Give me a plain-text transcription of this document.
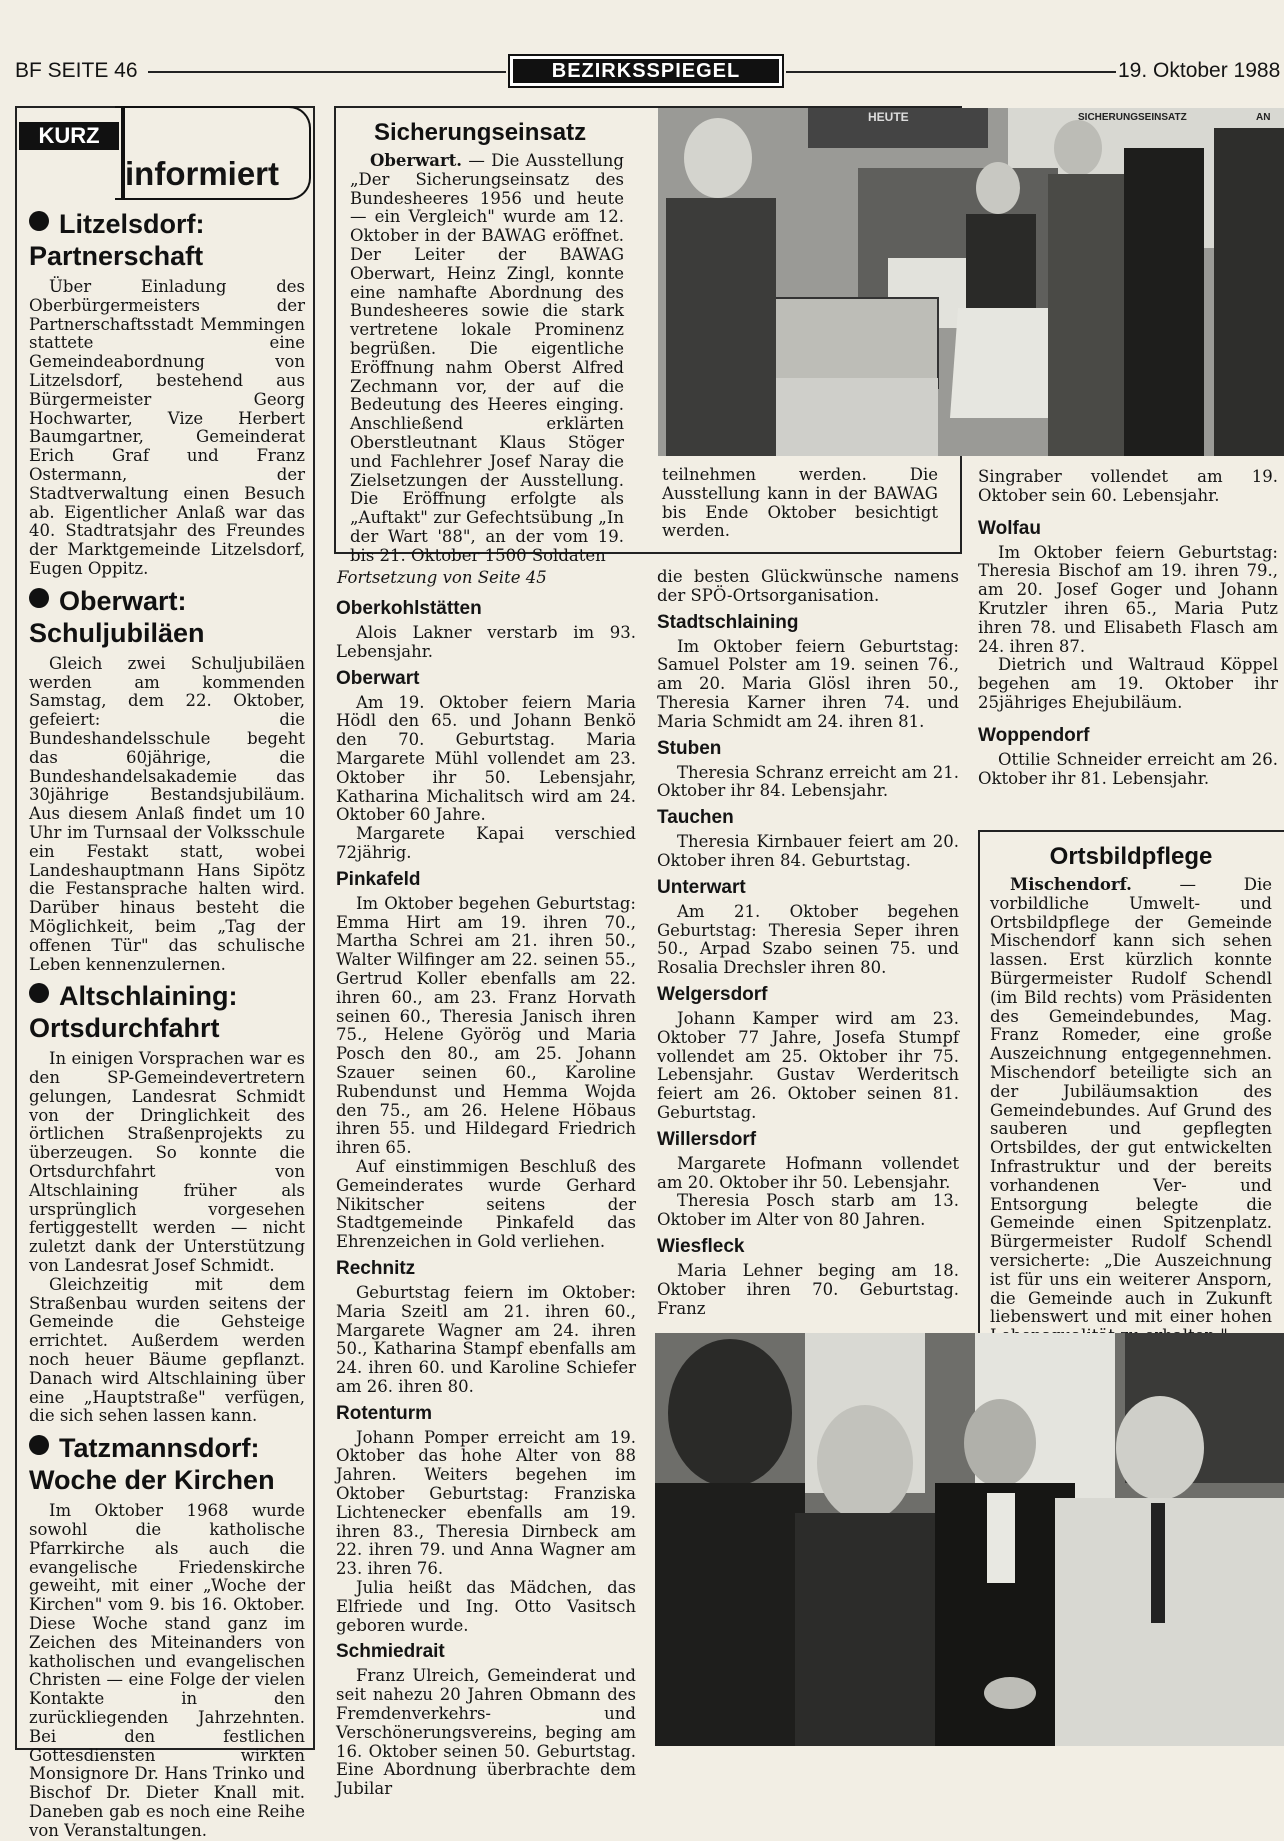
BF SEITE 46	BEZIRKSSPIEGEL	19. Oktober 1988
KURZ
informiert
Litzelsdorf:
Partnerschaft

Über Einladung des Oberbürgermeisters der Partnerschaftsstadt Memmingen stattete eine Gemeindeabordnung von Litzelsdorf, bestehend aus Bürgermeister Georg Hochwarter, Vize Herbert Baumgartner, Gemeinderat Erich Graf und Franz Ostermann, der Stadtverwaltung einen Besuch ab. Eigentlicher Anlaß war das 40. Stadtratsjahr des Freundes der Marktgemeinde Litzelsdorf, Eugen Oppitz.

Oberwart:
Schuljubiläen

Gleich zwei Schuljubiläen werden am kommenden Samstag, dem 22. Oktober, gefeiert: die Bundeshandelsschule begeht das 60jährige, die Bundeshandelsakademie das 30jährige Bestandsjubiläum. Aus diesem Anlaß findet um 10 Uhr im Turnsaal der Volksschule ein Festakt statt, wobei Landeshauptmann Hans Sipötz die Festansprache halten wird. Darüber hinaus besteht die Möglichkeit, beim „Tag der offenen Tür" das schulische Leben kennenzulernen.

Altschlaining:
Ortsdurchfahrt

In einigen Vorsprachen war es den SP-Gemeindevertretern gelungen, Landesrat Schmidt von der Dringlichkeit des örtlichen Straßenprojekts zu überzeugen. So konnte die Ortsdurchfahrt von Altschlaining früher als ursprünglich vorgesehen fertiggestellt werden — nicht zuletzt dank der Unterstützung von Landesrat Josef Schmidt.

Gleichzeitig mit dem Straßenbau wurden seitens der Gemeinde die Gehsteige errichtet. Außerdem werden noch heuer Bäume gepflanzt. Danach wird Altschlaining über eine „Hauptstraße" verfügen, die sich sehen lassen kann.

Tatzmannsdorf:
Woche der Kirchen

Im Oktober 1968 wurde sowohl die katholische Pfarrkirche als auch die evangelische Friedenskirche geweiht, mit einer „Woche der Kirchen" vom 9. bis 16. Oktober. Diese Woche stand ganz im Zeichen des Miteinanders von katholischen und evangelischen Christen — eine Folge der vielen Kontakte in den zurückliegenden Jahrzehnten. Bei den festlichen Gottesdiensten wirkten Monsignore Dr. Hans Trinko und Bischof Dr. Dieter Knall mit. Daneben gab es noch eine Reihe von Veranstaltungen.

Sicherungseinsatz

Oberwart. — Die Ausstellung „Der Sicherungseinsatz des Bundesheeres 1956 und heute — ein Vergleich" wurde am 12. Oktober in der BAWAG eröffnet. Der Leiter der BAWAG Oberwart, Heinz Zingl, konnte eine namhafte Abordnung des Bundesheeres sowie die stark vertretene lokale Prominenz begrüßen. Die eigentliche Eröffnung nahm Oberst Alfred Zechmann vor, der auf die Bedeutung des Heeres einging. Anschließend erklärten Oberstleutnant Klaus Stöger und Fachlehrer Josef Naray die Zielsetzungen der Ausstellung. Die Eröffnung erfolgte als „Auftakt" zur Gefechtsübung „In der Wart '88", an der vom 19. bis 21. Oktober 1500 Soldaten

HEUTE	SICHERUNGSEINSATZ	AN

teilnehmen werden. Die Ausstellung kann in der BAWAG bis Ende Oktober besichtigt werden.

Fortsetzung von Seite 45
Oberkohlstätten

Alois Lakner verstarb im 93. Lebensjahr.

Oberwart

Am 19. Oktober feiern Maria Hödl den 65. und Johann Benkö den 70. Geburtstag. Maria Margarete Mühl vollendet am 23. Oktober ihr 50. Lebensjahr, Katharina Michalitsch wird am 24. Oktober 60 Jahre.

Margarete Kapai verschied 72jährig.

Pinkafeld

Im Oktober begehen Geburtstag: Emma Hirt am 19. ihren 70., Martha Schrei am 21. ihren 50., Walter Wilfinger am 22. seinen 55., Gertrud Koller ebenfalls am 22. ihren 60., am 23. Franz Horvath seinen 60., Theresia Janisch ihren 75., Helene Györög und Maria Posch den 80., am 25. Johann Szauer seinen 60., Karoline Rubendunst und Hemma Wojda den 75., am 26. Helene Höbaus ihren 55. und Hildegard Friedrich ihren 65.

Auf einstimmigen Beschluß des Gemeinderates wurde Gerhard Nikitscher seitens der Stadtgemeinde Pinkafeld das Ehrenzeichen in Gold verliehen.

Rechnitz

Geburtstag feiern im Oktober: Maria Szeitl am 21. ihren 60., Margarete Wagner am 24. ihren 50., Katharina Stampf ebenfalls am 24. ihren 60. und Karoline Schiefer am 26. ihren 80.

Rotenturm

Johann Pomper erreicht am 19. Oktober das hohe Alter von 88 Jahren. Weiters begehen im Oktober Geburtstag: Franziska Lichtenecker ebenfalls am 19. ihren 83., Theresia Dirnbeck am 22. ihren 79. und Anna Wagner am 23. ihren 76.

Julia heißt das Mädchen, das Elfriede und Ing. Otto Vasitsch geboren wurde.

Schmiedrait

Franz Ulreich, Gemeinderat und seit nahezu 20 Jahren Obmann des Fremdenverkehrs- und Verschönerungsvereins, beging am 16. Oktober seinen 50. Geburtstag. Eine Abordnung überbrachte dem Jubilar

die besten Glückwünsche namens der SPÖ-Ortsorganisation.

Stadtschlaining

Im Oktober feiern Geburtstag: Samuel Polster am 19. seinen 76., am 20. Maria Glösl ihren 50., Theresia Karner ihren 74. und Maria Schmidt am 24. ihren 81.

Stuben

Theresia Schranz erreicht am 21. Oktober ihr 84. Lebensjahr.

Tauchen

Theresia Kirnbauer feiert am 20. Oktober ihren 84. Geburtstag.

Unterwart

Am 21. Oktober begehen Geburtstag: Theresia Seper ihren 50., Arpad Szabo seinen 75. und Rosalia Drechsler ihren 80.

Welgersdorf

Johann Kamper wird am 23. Oktober 77 Jahre, Josefa Stumpf vollendet am 25. Oktober ihr 75. Lebensjahr. Gustav Werderitsch feiert am 26. Oktober seinen 81. Geburtstag.

Willersdorf

Margarete Hofmann vollendet am 20. Oktober ihr 50. Lebensjahr.

Theresia Posch starb am 13. Oktober im Alter von 80 Jahren.

Wiesfleck

Maria Lehner beging am 18. Oktober ihren 70. Geburtstag. Franz

Singraber vollendet am 19. Oktober sein 60. Lebensjahr.

Wolfau

Im Oktober feiern Geburtstag: Theresia Bischof am 19. ihren 79., am 20. Josef Goger und Johann Krutzler ihren 65., Maria Putz ihren 78. und Elisabeth Flasch am 24. ihren 87.

Dietrich und Waltraud Köppel begehen am 19. Oktober ihr 25jähriges Ehejubiläum.

Woppendorf

Ottilie Schneider erreicht am 26. Oktober ihr 81. Lebensjahr.

Ortsbildpflege

Mischendorf.	— Die vorbildliche Umwelt- und Ortsbildpflege der Gemeinde Mischendorf kann sich sehen lassen. Erst kürzlich konnte Bürgermeister Rudolf Schendl (im Bild rechts) vom Präsidenten des Gemeindebundes, Mag. Franz Romeder, eine große Auszeichnung entgegennehmen. Mischendorf beteiligte sich an der Jubiläumsaktion des Gemeindebundes. Auf Grund des sauberen und gepflegten Ortsbildes, der gut entwickelten Infrastruktur und der bereits vorhandenen Ver- und Entsorgung belegte die Gemeinde einen Spitzenplatz. Bürgermeister Rudolf Schendl versicherte: „Die Auszeichnung ist für uns ein weiterer Ansporn, die Gemeinde auch in Zukunft liebenswert und mit einer hohen
